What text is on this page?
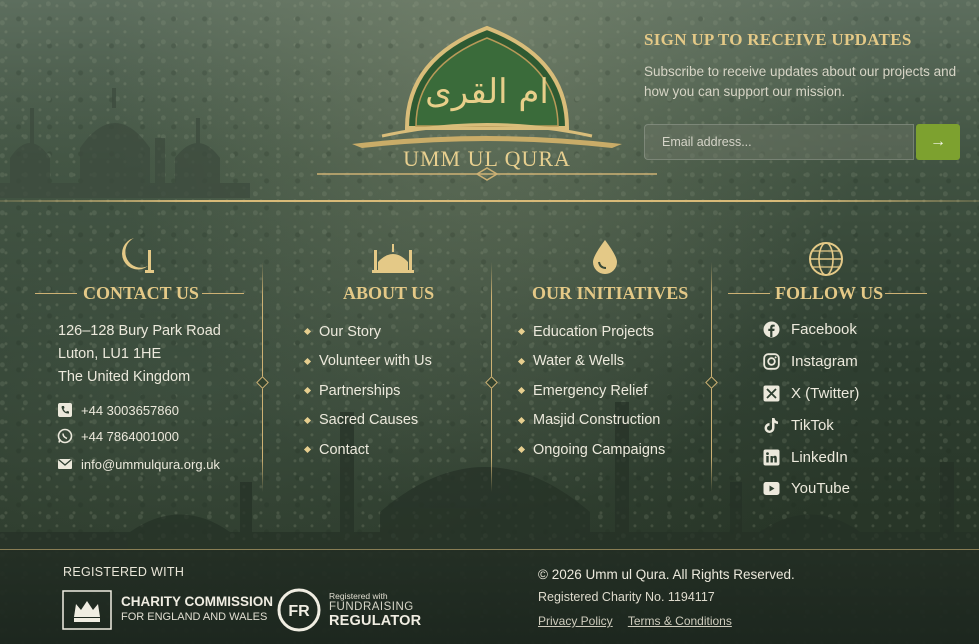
ام القرى
UMM UL QURA
SIGN UP TO RECEIVE UPDATES
Subscribe to receive updates about our projects and how you can support our mission.
Email address...
→
CONTACT US
126–128 Bury Park Road
Luton, LU1 1HE
The United Kingdom
+44 3003657860
+44 7864001000
info@ummulqura.org.uk
ABOUT US
Our Story
Volunteer with Us
Partnerships
Sacred Causes
Contact
OUR INITIATIVES
Education Projects
Water & Wells
Emergency Relief
Masjid Construction
Ongoing Campaigns
FOLLOW US
Facebook
Instagram
X (Twitter)
TikTok
LinkedIn
YouTube
REGISTERED WITH
CHARITY COMMISSION
FOR ENGLAND AND WALES FR
Registered with
FUNDRAISING
REGULATOR
© 2026 Umm ul Qura. All Rights Reserved.
Registered Charity No. 1194117
Privacy Policy Terms & Conditions
